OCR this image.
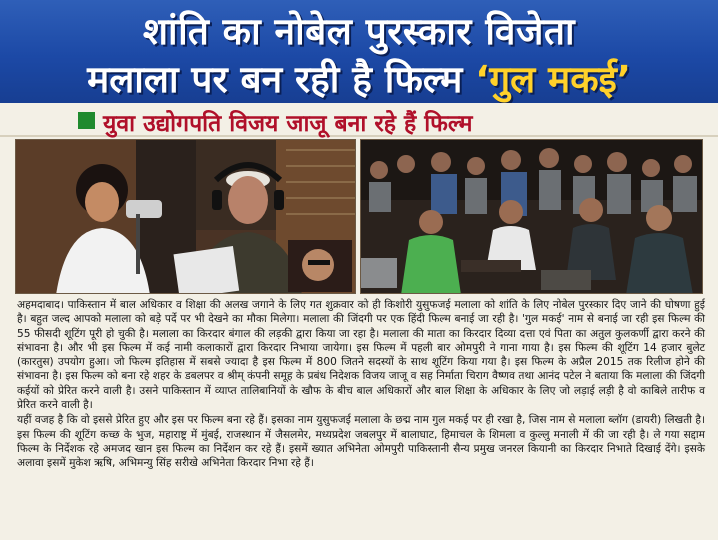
शांति का नोबेल पुरस्कार विजेता
मलाला पर बन रही है फिल्म ‘गुल मकई’
युवा उद्योगपति विजय जाजू बना रहे हैं फिल्म

अहमदाबाद। पाकिस्तान में बाल अधिकार व शिक्षा की अलख जगाने के लिए गत शुक्रवार को ही किशोरी युसुफजई मलाला को शांति के लिए नोबेल पुरस्कार दिए जाने की घोषणा हुई है। बहुत जल्द आपको मलाला को बड़े पर्दे पर भी देखने का मौका मिलेगा। मलाला की जिंदगी पर एक हिंदी फिल्म बनाई जा रही है। 'गुल मकई' नाम से बनाई जा रही इस फिल्म की 55 फीसदी शूटिंग पूरी हो चुकी है। मलाला का किरदार बंगाल की लड़की द्वारा किया जा रहा है। मलाला की माता का किरदार दिव्या दत्ता एवं पिता का अतुल कुलकर्णी द्वारा करने की संभावना है। और भी इस फिल्म में कई नामी कलाकारों द्वारा किरदार निभाया जायेगा। इस फिल्म में पहली बार ओमपुरी ने गाना गाया है। इस फिल्म की शूटिंग 14 हजार बुलेट (कारतुस) उपयोग हुआ। जो फिल्म इतिहास में सबसे ज्यादा है इस फिल्म में 800 जितने सदस्यों के साथ शूटिंग किया गया है। इस फिल्म के अप्रैल 2015 तक रिलीज होने की संभावना है। इस फिल्म को बना रहे शहर के डबलपर व श्रीम् कंपनी समूह के प्रबंध निदेशक विजय जाजू व सह निर्माता चिराग वैष्णव तथा आनंद पटेल ने बताया कि मलाला की जिंदगी कईयों को प्रेरित करने वाली है। उसने पाकिस्तान में व्याप्त तालिबानियों के खौफ के बीच बाल अधिकारों और बाल शिक्षा के अधिकार के लिए जो लड़ाई लड़ी है वो काबिले तारीफ व प्रेरित करने वाली है।

यहीं वजह है कि वो इससे प्रेरित हुए और इस पर फिल्म बना रहे हैं। इसका नाम युसुफजई मलाला के छद्म नाम गुल मकई पर ही रखा है, जिस नाम से मलाला ब्लॉग (डायरी) लिखती है। इस फिल्म की शूटिंग कच्छ के भुज, महाराष्ट्र में मुंबई, राजस्थान में जैसलमेर, मध्यप्रदेश जबलपुर में बालाघाट, हिमाचल के शिमला व कुल्लु मनाली में की जा रही है। ले गया सद्दाम फिल्म के निर्देशक रहे अमजद खान इस फिल्म का निर्देशन कर रहे हैं। इसमें ख्यात अभिनेता ओमपुरी पाकिस्तानी सैन्य प्रमुख जनरल कियानी का किरदार निभाते दिखाई देंगे। इसके अलावा इसमें मुकेश ऋषि, अभिमन्यु सिंह सरीखे अभिनेता किरदार निभा रहे हैं।
